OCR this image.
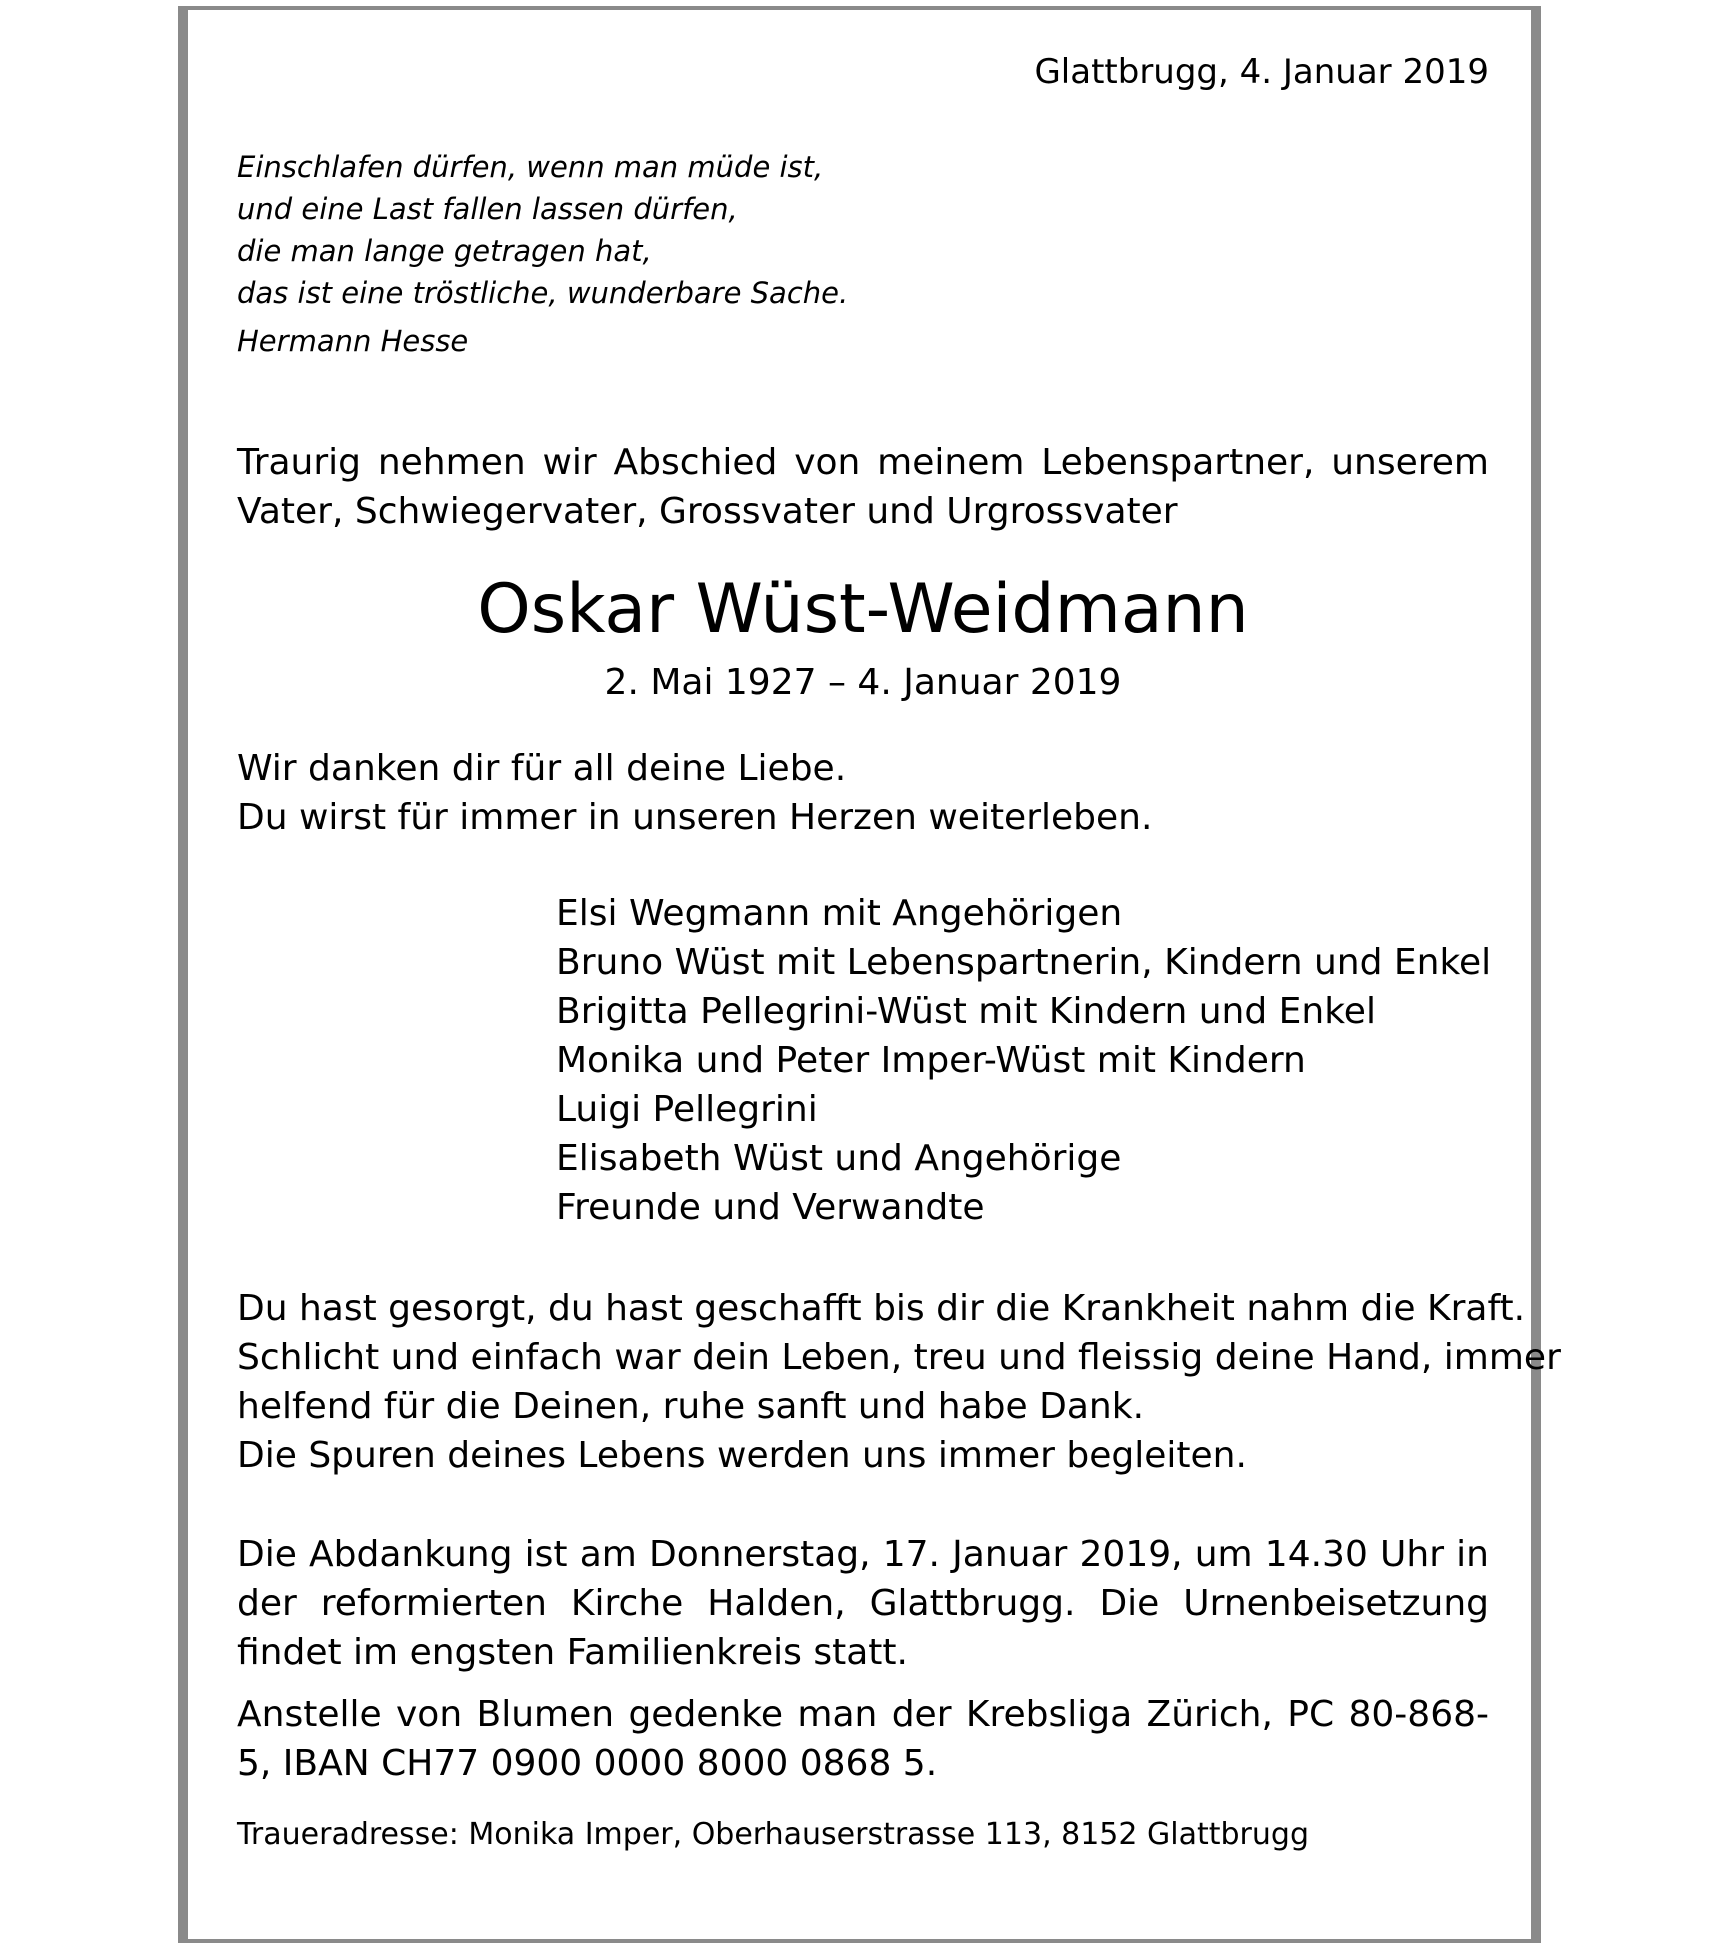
Glattbrugg, 4. Januar 2019
Einschlafen dürfen, wenn man müde ist,
und eine Last fallen lassen dürfen,
die man lange getragen hat,
das ist eine tröstliche, wunderbare Sache.
Hermann Hesse
Traurig nehmen wir Abschied von meinem Lebenspartner, unserem Vater, Schwiegervater, Grossvater und Urgrossvater
Oskar Wüst-Weidmann
2. Mai 1927 – 4. Januar 2019
Wir danken dir für all deine Liebe.
Du wirst für immer in unseren Herzen weiterleben.
Elsi Wegmann mit Angehörigen
Bruno Wüst mit Lebenspartnerin, Kindern und Enkel
Brigitta Pellegrini-Wüst mit Kindern und Enkel
Monika und Peter Imper-Wüst mit Kindern
Luigi Pellegrini
Elisabeth Wüst und Angehörige
Freunde und Verwandte
Du hast gesorgt, du hast geschafft bis dir die Krankheit nahm die Kraft.
Schlicht und einfach war dein Leben, treu und fleissig deine Hand, immer
helfend für die Deinen, ruhe sanft und habe Dank.
Die Spuren deines Lebens werden uns immer begleiten.
Die Abdankung ist am Donnerstag, 17. Januar 2019, um 14.30 Uhr in der reformierten Kirche Halden, Glattbrugg. Die Urnenbeisetzung findet im engsten Familienkreis statt.
Anstelle von Blumen gedenke man der Krebsliga Zürich, PC 80-868-5, IBAN CH77 0900 0000 8000 0868 5.
Traueradresse: Monika Imper, Oberhauserstrasse 113, 8152 Glattbrugg
